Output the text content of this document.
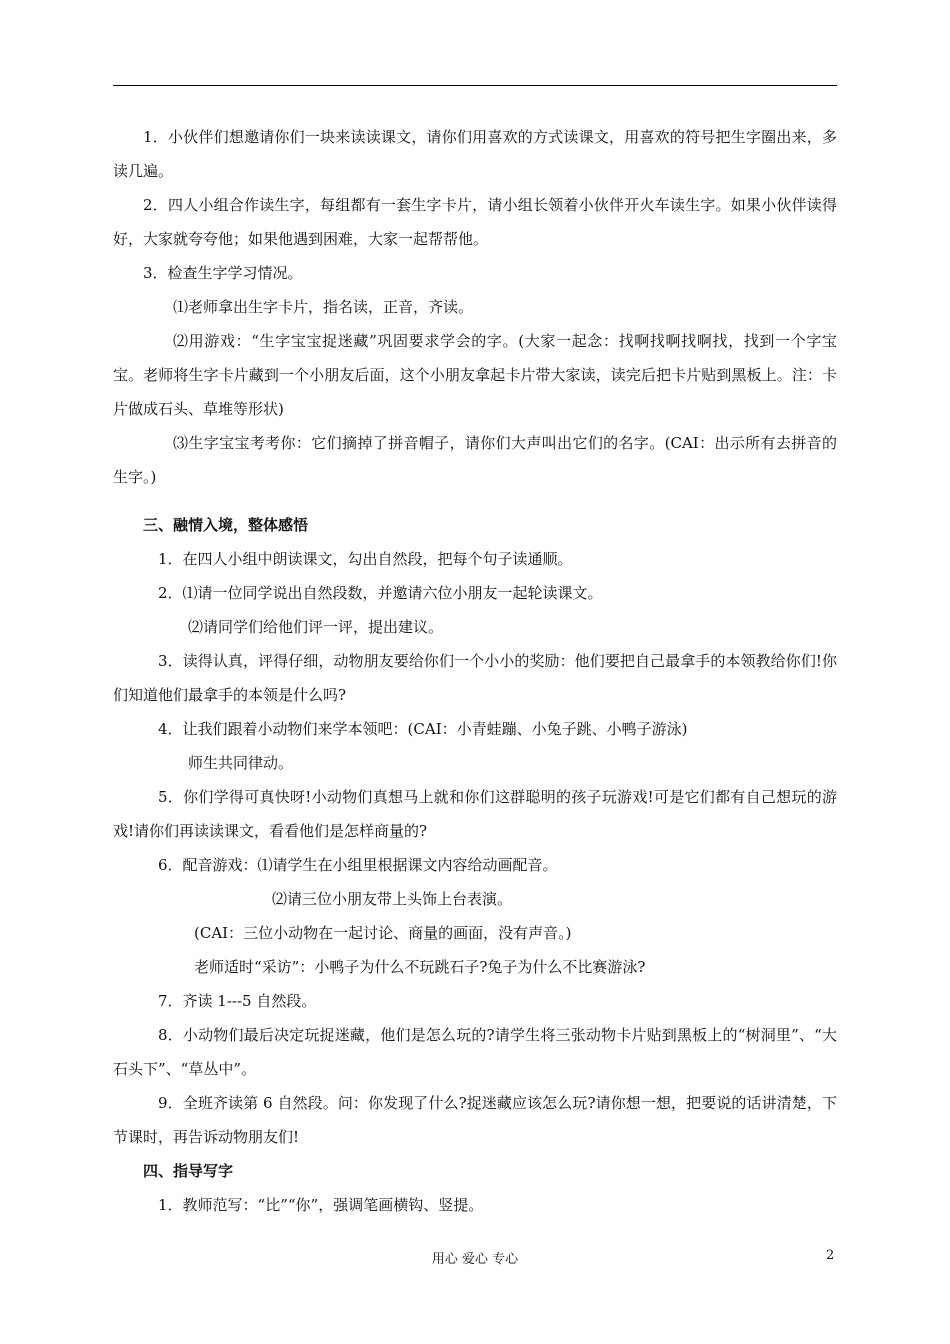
1．小伙伴们想邀请你们一块来读读课文，请你们用喜欢的方式读课文，用喜欢的符号把生字圈出来，多读几遍。
2．四人小组合作读生字，每组都有一套生字卡片，请小组长领着小伙伴开火车读生字。如果小伙伴读得好，大家就夸夸他；如果他遇到困难，大家一起帮帮他。
3．检查生字学习情况。
⑴老师拿出生字卡片，指名读，正音，齐读。
⑵用游戏：“生字宝宝捉迷藏”巩固要求学会的字。(大家一起念：找啊找啊找啊找，找到一个字宝宝。老师将生字卡片藏到一个小朋友后面，这个小朋友拿起卡片带大家读，读完后把卡片贴到黑板上。注：卡片做成石头、草堆等形状)
⑶生字宝宝考考你：它们摘掉了拼音帽子，请你们大声叫出它们的名字。(CAI：出示所有去拼音的生字。)
三、融情入境，整体感悟
1．在四人小组中朗读课文，勾出自然段，把每个句子读通顺。
2．⑴请一位同学说出自然段数，并邀请六位小朋友一起轮读课文。
⑵请同学们给他们评一评，提出建议。
3．读得认真，评得仔细，动物朋友要给你们一个小小的奖励：他们要把自己最拿手的本领教给你们!你们知道他们最拿手的本领是什么吗?
4．让我们跟着小动物们来学本领吧：(CAI：小青蛙蹦、小兔子跳、小鸭子游泳)
师生共同律动。
5．你们学得可真快呀!小动物们真想马上就和你们这群聪明的孩子玩游戏!可是它们都有自己想玩的游戏!请你们再读读课文，看看他们是怎样商量的?
6．配音游戏：⑴请学生在小组里根据课文内容给动画配音。
⑵请三位小朋友带上头饰上台表演。
(CAI：三位小动物在一起讨论、商量的画面，没有声音。)
老师适时“采访”：小鸭子为什么不玩跳石子?兔子为什么不比赛游泳?
7．齐读 1---5 自然段。
8．小动物们最后决定玩捉迷藏，他们是怎么玩的?请学生将三张动物卡片贴到黑板上的“树洞里”、“大石头下”、“草丛中”。
9．全班齐读第 6 自然段。问：你发现了什么?捉迷藏应该怎么玩?请你想一想，把要说的话讲清楚，下节课时，再告诉动物朋友们!
四、指导写字
1．教师范写：“比”“你”，强调笔画横钩、竖提。
用心 爱心 专心	2
